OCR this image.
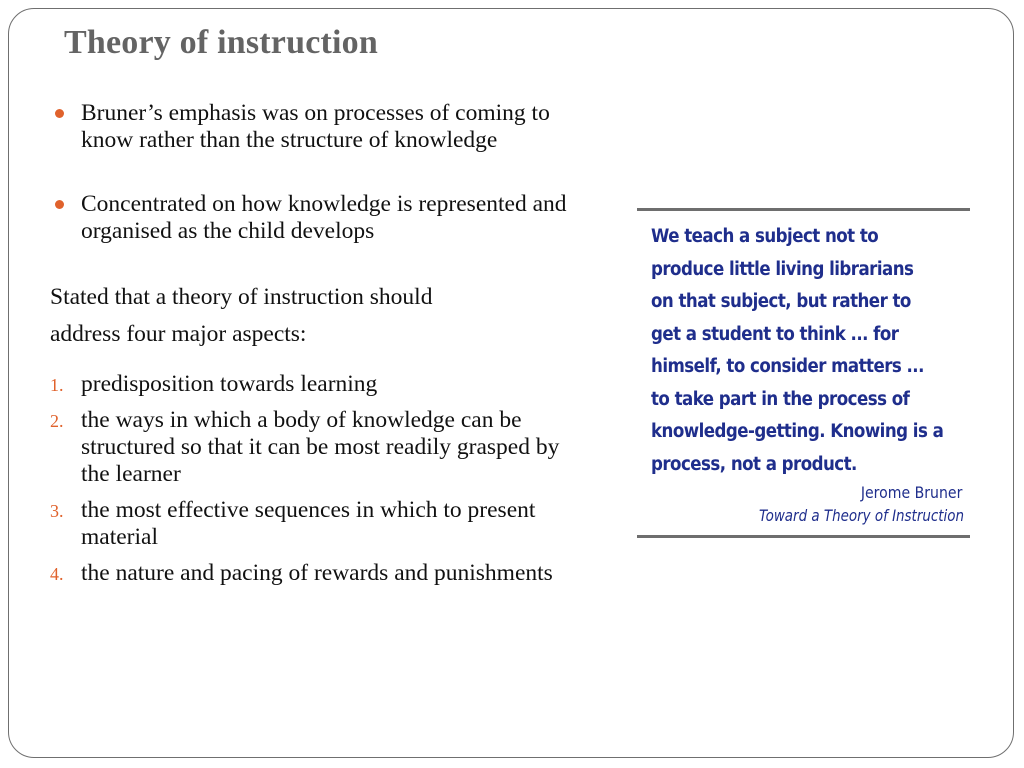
Theory of instruction
Bruner’s emphasis was on processes of coming to know rather than the structure of knowledge
Concentrated on how knowledge is represented and organised as the child develops
Stated that a theory of instruction should
address four major aspects:
1. predisposition towards learning
2. the ways in which a body of knowledge can be structured so that it can be most readily grasped by the learner
3. the most effective sequences in which to present material
4. the nature and pacing of rewards and punishments
We teach a subject not to
produce little living librarians
on that subject, but rather to
get a student to think ... for
himself, to consider matters ...
to take part in the process of
knowledge-getting. Knowing is a
process, not a product.
Jerome Bruner
Toward a Theory of Instruction
